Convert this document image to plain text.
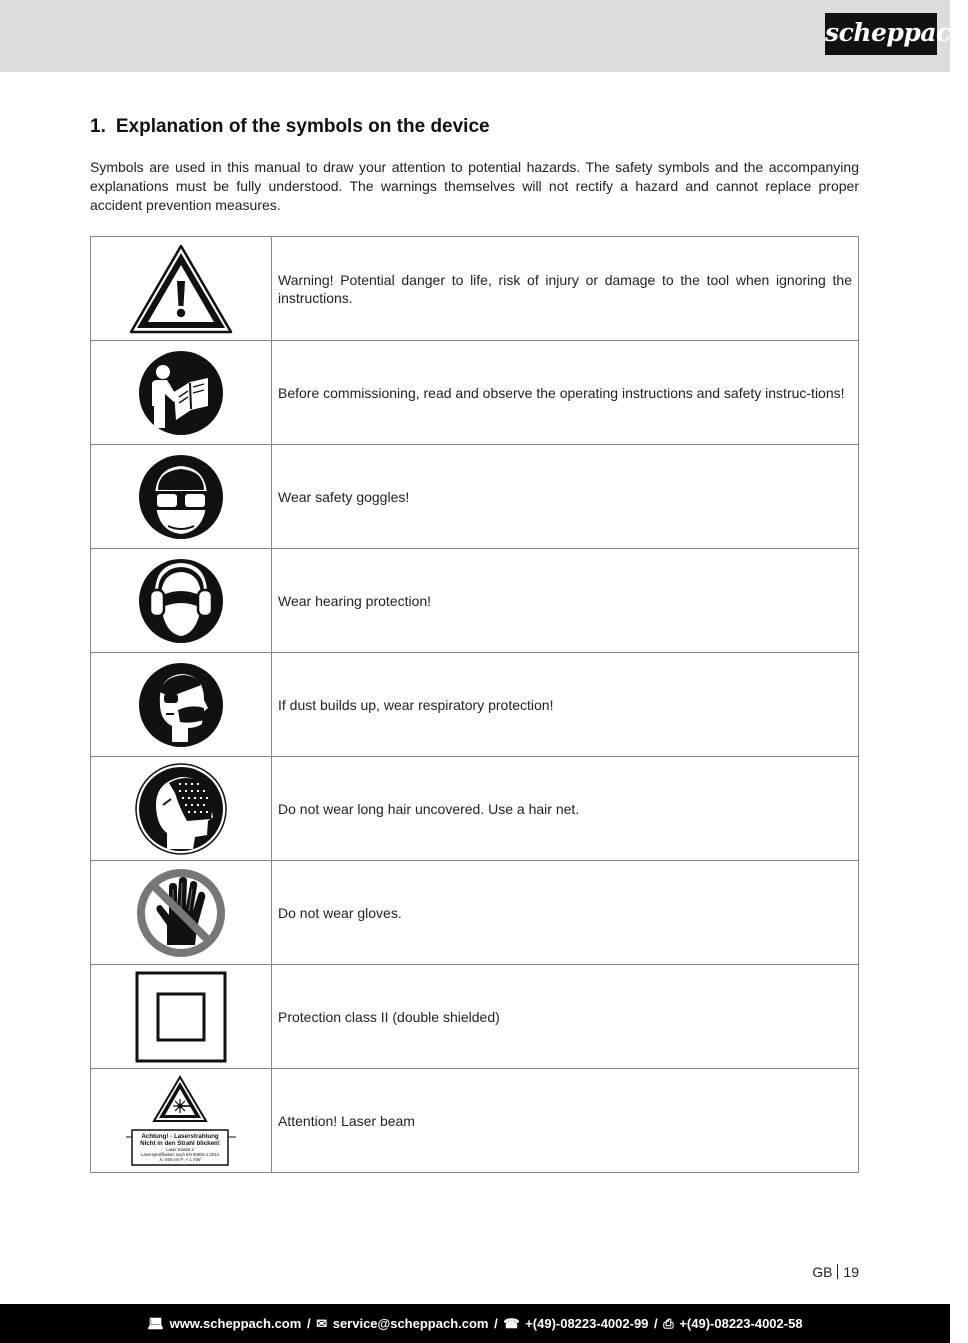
scheppach
1. Explanation of the symbols on the device

Symbols are used in this manual to draw your attention to potential hazards. The safety symbols and the accompanying explanations must be fully understood. The warnings themselves will not rectify a hazard and cannot replace proper accident prevention measures.

	Warning! Potential danger to life, risk of injury or damage to the tool when ignoring the instructions.

	Before commissioning, read and observe the operating instructions and safety instruc-tions!

	Wear safety goggles!

	Wear hearing protection!

	If dust builds up, wear respiratory protection!

	Do not wear long hair uncovered. Use a hair net.

	Do not wear gloves.

	Protection class II (double shielded)

Achtung! - Laserstrahlung
Nicht in den Strahl blicken!
Laser Klasse 2
Laserspezifikation nach EN 60825-1:2014
λ= 650 nm P₀ < 1 mW	Attention! Laser beam
GB 19
💻︎ www.scheppach.com / ✉︎ service@scheppach.com / ☎ +(49)-08223-4002-99 / ⎙ +(49)-08223-4002-58
